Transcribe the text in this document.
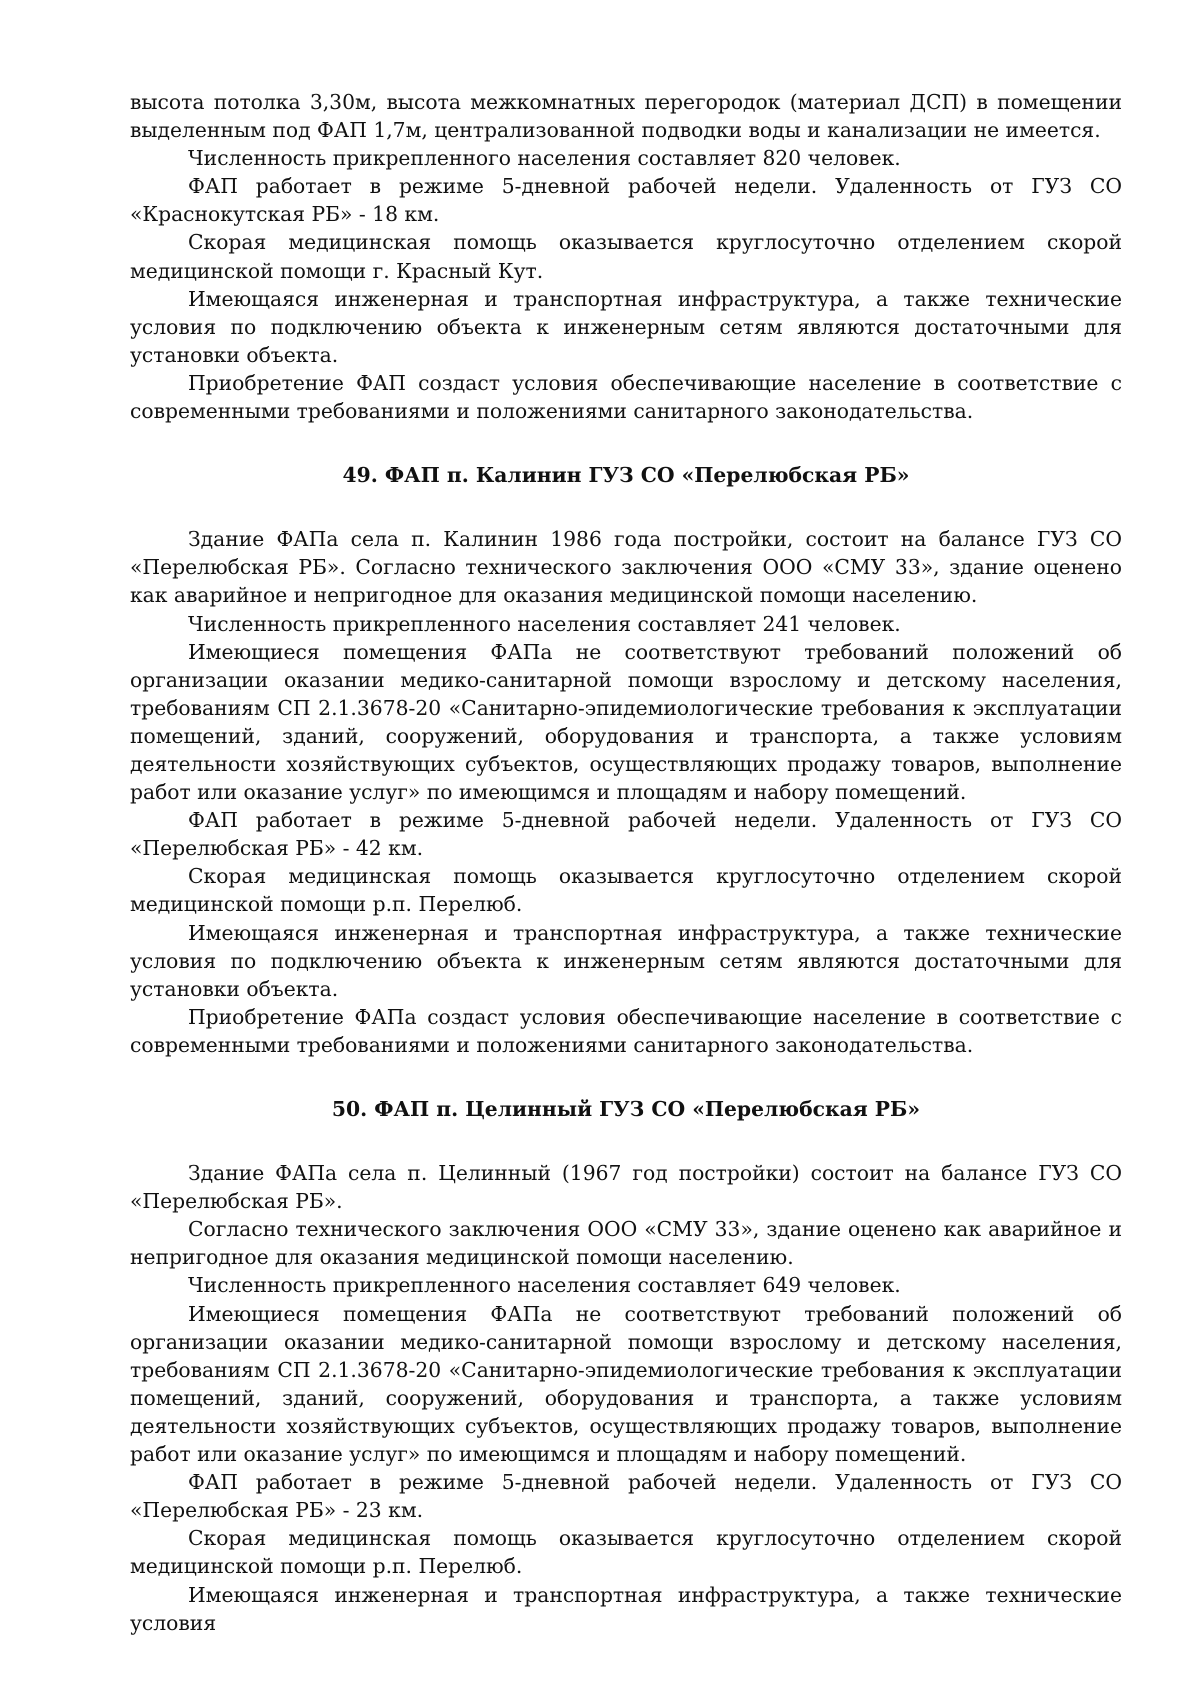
высота потолка 3,30м, высота межкомнатных перегородок (материал ДСП) в помещении выделенным под ФАП 1,7м, централизованной подводки воды и канализации не имеется.

Численность прикрепленного населения составляет 820 человек.

ФАП работает в режиме 5-дневной рабочей недели. Удаленность от ГУЗ СО «Краснокутская РБ» - 18 км.

Скорая медицинская помощь оказывается круглосуточно отделением скорой медицинской помощи г. Красный Кут.

Имеющаяся инженерная и транспортная инфраструктура, а также технические условия по подключению объекта к инженерным сетям являются достаточными для установки объекта.

Приобретение ФАП создаст условия обеспечивающие население в соответствие с современными требованиями и положениями санитарного законодательства.

49. ФАП п. Калинин ГУЗ СО «Перелюбская РБ»

Здание ФАПа села п. Калинин 1986 года постройки, состоит на балансе ГУЗ СО «Перелюбская РБ». Согласно технического заключения ООО «СМУ 33», здание оценено как аварийное и непригодное для оказания медицинской помощи населению.

Численность прикрепленного населения составляет 241 человек.

Имеющиеся помещения ФАПа не соответствуют требований положений об организации оказании медико-санитарной помощи взрослому и детскому населения, требованиям СП 2.1.3678-20 «Санитарно-эпидемиологические требования к эксплуатации помещений, зданий, сооружений, оборудования и транспорта, а также условиям деятельности хозяйствующих субъектов, осуществляющих продажу товаров, выполнение работ или оказание услуг» по имеющимся и площадям и набору помещений.

ФАП работает в режиме 5-дневной рабочей недели. Удаленность от ГУЗ СО «Перелюбская РБ» - 42 км.

Скорая медицинская помощь оказывается круглосуточно отделением скорой медицинской помощи р.п. Перелюб.

Имеющаяся инженерная и транспортная инфраструктура, а также технические условия по подключению объекта к инженерным сетям являются достаточными для установки объекта.

Приобретение ФАПа создаст условия обеспечивающие население в соответствие с современными требованиями и положениями санитарного законодательства.

50. ФАП п. Целинный ГУЗ СО «Перелюбская РБ»

Здание ФАПа села п. Целинный (1967 год постройки) состоит на балансе ГУЗ СО «Перелюбская РБ».

Согласно технического заключения ООО «СМУ 33», здание оценено как аварийное и непригодное для оказания медицинской помощи населению.

Численность прикрепленного населения составляет 649 человек.

Имеющиеся помещения ФАПа не соответствуют требований положений об организации оказании медико-санитарной помощи взрослому и детскому населения, требованиям СП 2.1.3678-20 «Санитарно-эпидемиологические требования к эксплуатации помещений, зданий, сооружений, оборудования и транспорта, а также условиям деятельности хозяйствующих субъектов, осуществляющих продажу товаров, выполнение работ или оказание услуг» по имеющимся и площадям и набору помещений.

ФАП работает в режиме 5-дневной рабочей недели. Удаленность от ГУЗ СО «Перелюбская РБ» - 23 км.

Скорая медицинская помощь оказывается круглосуточно отделением скорой медицинской помощи р.п. Перелюб.

Имеющаяся инженерная и транспортная инфраструктура, а также технические условия
